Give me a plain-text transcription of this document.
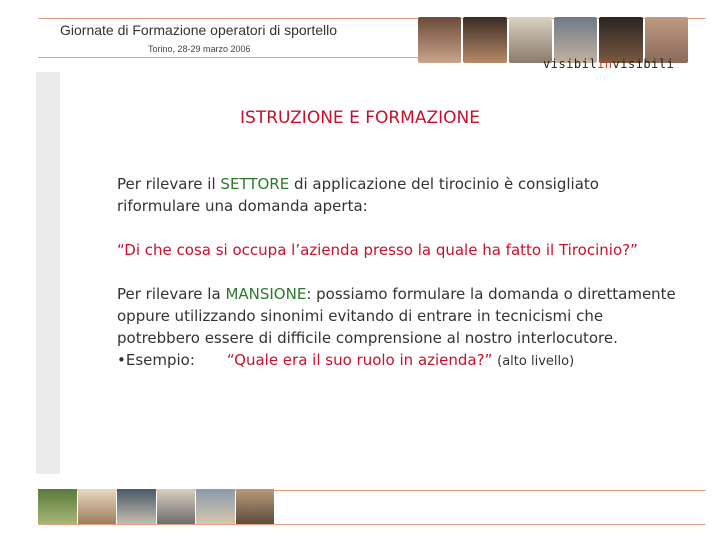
Giornate di Formazione operatori di sportello
Torino, 28-29 marzo 2006
visibilinvisibili
ISTRUZIONE E FORMAZIONE

Per rilevare il SETTORE di applicazione del tirocinio è consigliato riformulare una domanda aperta:

“Di che cosa si occupa l’azienda presso la quale ha fatto il Tirocinio?”

Per rilevare la MANSIONE: possiamo formulare la domanda o direttamente oppure utilizzando sinonimi evitando di entrare in tecnicismi che potrebbero essere di difficile comprensione al nostro interlocutore.

•Esempio: “Quale era il suo ruolo in azienda?” (alto livello)
